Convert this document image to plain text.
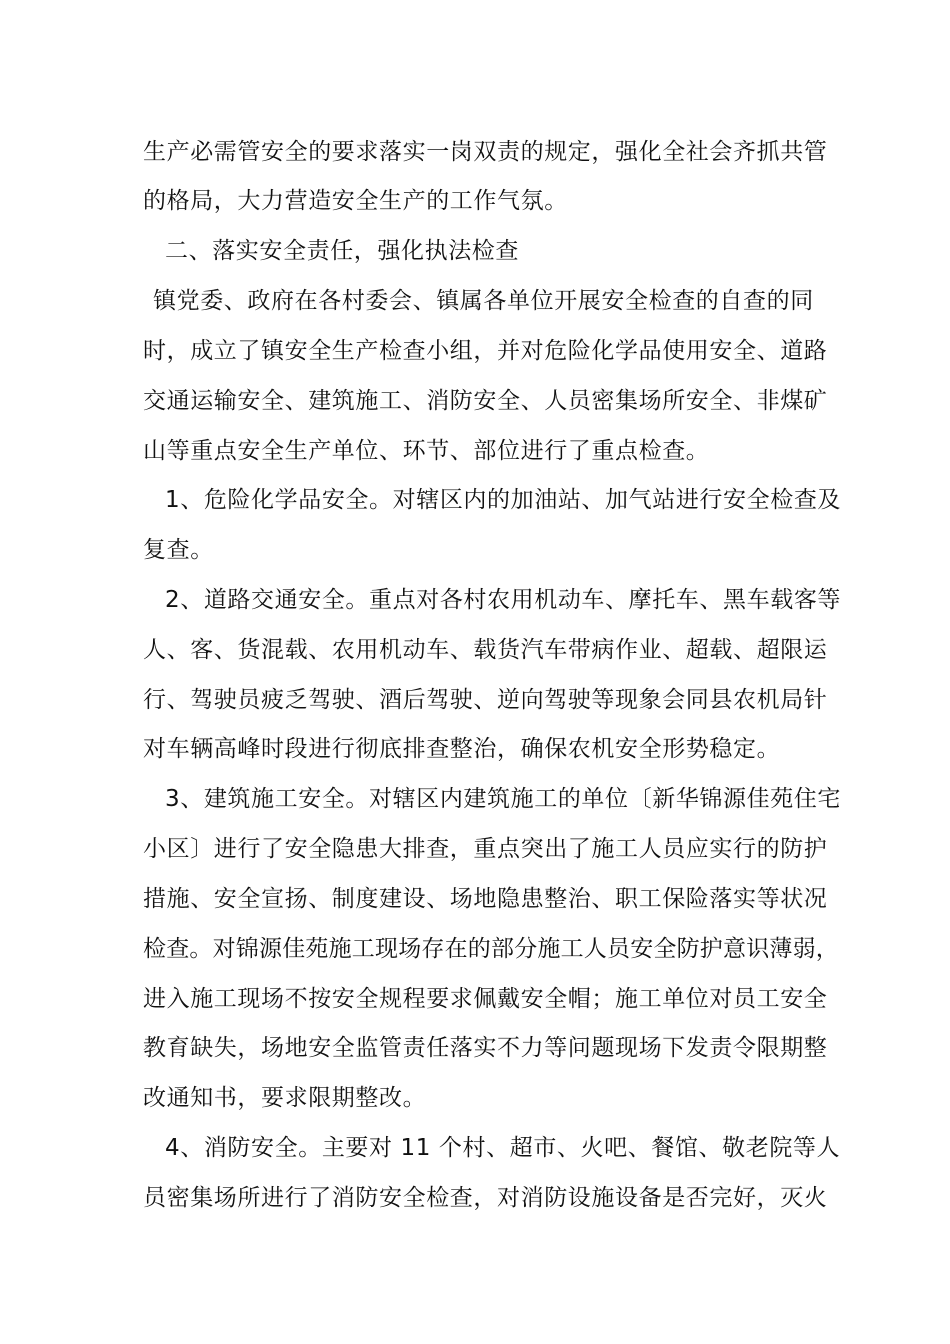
生产必需管安全的要求落实一岗双责的规定，强化全社会齐抓共管
的格局，大力营造安全生产的工作气氛。
二、落实安全责任，强化执法检查
镇党委、政府在各村委会、镇属各单位开展安全检查的自查的同
时，成立了镇安全生产检查小组，并对危险化学品使用安全、道路
交通运输安全、建筑施工、消防安全、人员密集场所安全、非煤矿
山等重点安全生产单位、环节、部位进行了重点检查。
1、危险化学品安全。对辖区内的加油站、加气站进行安全检查及
复查。
2、道路交通安全。重点对各村农用机动车、摩托车、黑车载客等
人、客、货混载、农用机动车、载货汽车带病作业、超载、超限运
行、驾驶员疲乏驾驶、酒后驾驶、逆向驾驶等现象会同县农机局针
对车辆高峰时段进行彻底排查整治，确保农机安全形势稳定。
3、建筑施工安全。对辖区内建筑施工的单位〔新华锦源佳苑住宅
小区〕进行了安全隐患大排查，重点突出了施工人员应实行的防护
措施、安全宣扬、制度建设、场地隐患整治、职工保险落实等状况
检查。对锦源佳苑施工现场存在的部分施工人员安全防护意识薄弱，
进入施工现场不按安全规程要求佩戴安全帽；施工单位对员工安全
教育缺失，场地安全监管责任落实不力等问题现场下发责令限期整
改通知书，要求限期整改。
4、消防安全。主要对 11 个村、超市、火吧、餐馆、敬老院等人
员密集场所进行了消防安全检查，对消防设施设备是否完好，灭火
